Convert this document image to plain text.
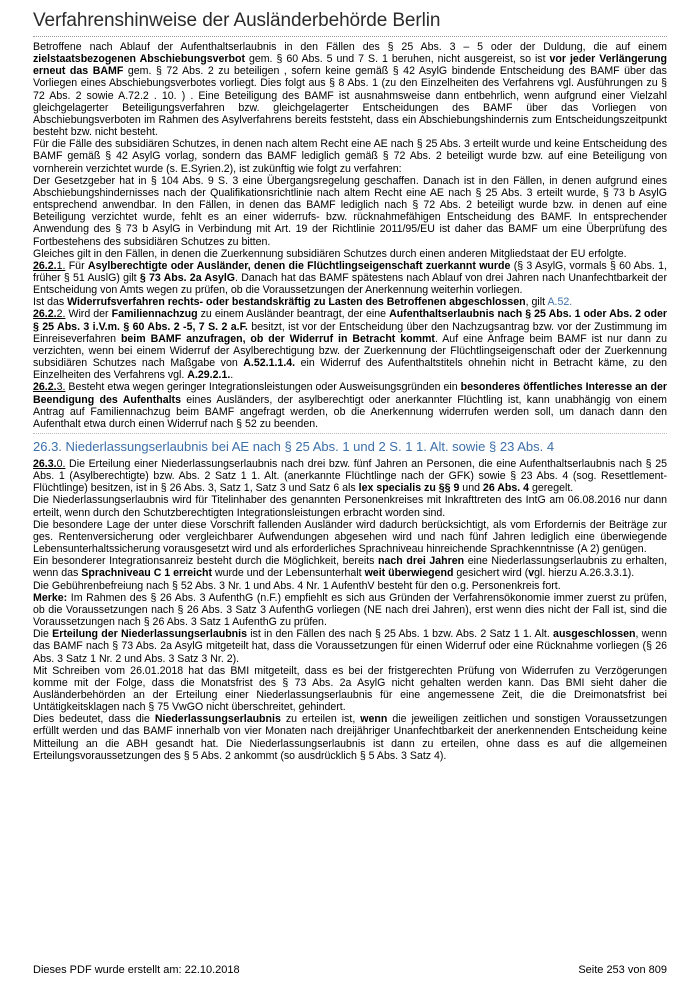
Verfahrenshinweise der Ausländerbehörde Berlin

Betroffene nach Ablauf der Aufenthaltserlaubnis in den Fällen des § 25 Abs. 3 – 5 oder der Duldung, die auf einem zielstaatsbezogenen Abschiebungsverbot gem. § 60 Abs. 5 und 7 S. 1 beruhen, nicht ausgereist, so ist vor jeder Verlängerung erneut das BAMF gem. § 72 Abs. 2 zu beteiligen , sofern keine gemäß § 42 AsylG bindende Entscheidung des BAMF über das Vorliegen eines Abschiebungsverbotes vorliegt. Dies folgt aus § 8 Abs. 1 (zu den Einzelheiten des Verfahrens vgl. Ausführungen zu § 72 Abs. 2 sowie A.72.2 . 10. ) . Eine Beteiligung des BAMF ist ausnahmsweise dann entbehrlich, wenn aufgrund einer Vielzahl gleichgelagerter Beteiligungsverfahren bzw. gleichgelagerter Entscheidungen des BAMF über das Vorliegen von Abschiebungsverboten im Rahmen des Asylverfahrens bereits feststeht, dass ein Abschiebungshindernis zum Entscheidungszeitpunkt besteht bzw. nicht besteht.

Für die Fälle des subsidiären Schutzes, in denen nach altem Recht eine AE nach § 25 Abs. 3 erteilt wurde und keine Entscheidung des BAMF gemäß § 42 AsylG vorlag, sondern das BAMF lediglich gemäß § 72 Abs. 2 beteiligt wurde bzw. auf eine Beteiligung von vornherein verzichtet wurde (s. E.Syrien.2), ist zukünftig wie folgt zu verfahren:

Der Gesetzgeber hat in § 104 Abs. 9 S. 3 eine Übergangsregelung geschaffen. Danach ist in den Fällen, in denen aufgrund eines Abschiebungshindernisses nach der Qualifikationsrichtlinie nach altem Recht eine AE nach § 25 Abs. 3 erteilt wurde, § 73 b AsylG entsprechend anwendbar. In den Fällen, in denen das BAMF lediglich nach § 72 Abs. 2 beteiligt wurde bzw. in denen auf eine Beteiligung verzichtet wurde, fehlt es an einer widerrufs- bzw. rücknahmefähigen Entscheidung des BAMF. In entsprechender Anwendung des § 73 b AsylG in Verbindung mit Art. 19 der Richtlinie 2011/95/EU ist daher das BAMF um eine Überprüfung des Fortbestehens des subsidiären Schutzes zu bitten.

Gleiches gilt in den Fällen, in denen die Zuerkennung subsidiären Schutzes durch einen anderen Mitgliedstaat der EU erfolgte.

26.2.1. Für Asylberechtigte oder Ausländer, denen die Flüchtlingseigenschaft zuerkannt wurde (§ 3 AsylG, vormals § 60 Abs. 1, früher § 51 AuslG) gilt § 73 Abs. 2a AsylG. Danach hat das BAMF spätestens nach Ablauf von drei Jahren nach Unanfechtbarkeit der Entscheidung von Amts wegen zu prüfen, ob die Voraussetzungen der Anerkennung weiterhin vorliegen.

Ist das Widerrufsverfahren rechts- oder bestandskräftig zu Lasten des Betroffenen abgeschlossen, gilt A.52.

26.2.2. Wird der Familiennachzug zu einem Ausländer beantragt, der eine Aufenthaltserlaubnis nach § 25 Abs. 1 oder Abs. 2 oder § 25 Abs. 3 i.V.m. § 60 Abs. 2 -5, 7 S. 2 a.F. besitzt, ist vor der Entscheidung über den Nachzugsantrag bzw. vor der Zustimmung im Einreiseverfahren beim BAMF anzufragen, ob der Widerruf in Betracht kommt. Auf eine Anfrage beim BAMF ist nur dann zu verzichten, wenn bei einem Widerruf der Asylberechtigung bzw. der Zuerkennung der Flüchtlingseigenschaft oder der Zuerkennung subsidiären Schutzes nach Maßgabe von A.52.1.1.4. ein Widerruf des Aufenthaltstitels ohnehin nicht in Betracht käme, zu den Einzelheiten des Verfahrens vgl. A.29.2.1..

26.2.3. Besteht etwa wegen geringer Integrationsleistungen oder Ausweisungsgründen ein besonderes öffentliches Interesse an der Beendigung des Aufenthalts eines Ausländers, der asylberechtigt oder anerkannter Flüchtling ist, kann unabhängig von einem Antrag auf Familiennachzug beim BAMF angefragt werden, ob die Anerkennung widerrufen werden soll, um danach dann den Aufenthalt etwa durch einen Widerruf nach § 52 zu beenden.

26.3. Niederlassungserlaubnis bei AE nach § 25 Abs. 1 und 2 S. 1 1. Alt. sowie § 23 Abs. 4

26.3.0. Die Erteilung einer Niederlassungserlaubnis nach drei bzw. fünf Jahren an Personen, die eine Aufenthaltserlaubnis nach § 25 Abs. 1 (Asylberechtigte) bzw. Abs. 2 Satz 1 1. Alt. (anerkannte Flüchtlinge nach der GFK) sowie § 23 Abs. 4 (sog. Resettlement-Flüchtlinge) besitzen, ist in § 26 Abs. 3, Satz 1, Satz 3 und Satz 6 als lex specialis zu §§ 9 und 26 Abs. 4 geregelt.

Die Niederlassungserlaubnis wird für Titelinhaber des genannten Personenkreises mit Inkrafttreten des IntG am 06.08.2016 nur dann erteilt, wenn durch den Schutzberechtigten Integrationsleistungen erbracht worden sind.

Die besondere Lage der unter diese Vorschrift fallenden Ausländer wird dadurch berücksichtigt, als vom Erfordernis der Beiträge zur ges. Rentenversicherung oder vergleichbarer Aufwendungen abgesehen wird und nach fünf Jahren lediglich eine überwiegende Lebensunterhaltssicherung vorausgesetzt wird und als erforderliches Sprachniveau hinreichende Sprachkenntnisse (A 2) genügen.

Ein besonderer Integrationsanreiz besteht durch die Möglichkeit, bereits nach drei Jahren eine Niederlassungserlaubnis zu erhalten, wenn das Sprachniveau C 1 erreicht wurde und der Lebensunterhalt weit überwiegend gesichert wird (vgl. hierzu A.26.3.3.1).

Die Gebührenbefreiung nach § 52 Abs. 3 Nr. 1 und Abs. 4 Nr. 1 AufenthV besteht für den o.g. Personenkreis fort.

Merke: Im Rahmen des § 26 Abs. 3 AufenthG (n.F.) empfiehlt es sich aus Gründen der Verfahrensökonomie immer zuerst zu prüfen, ob die Voraussetzungen nach § 26 Abs. 3 Satz 3 AufenthG vorliegen (NE nach drei Jahren), erst wenn dies nicht der Fall ist, sind die Voraussetzungen nach § 26 Abs. 3 Satz 1 AufenthG zu prüfen.

Die Erteilung der Niederlassungserlaubnis ist in den Fällen des nach § 25 Abs. 1 bzw. Abs. 2 Satz 1 1. Alt. ausgeschlossen, wenn das BAMF nach § 73 Abs. 2a AsylG mitgeteilt hat, dass die Voraussetzungen für einen Widerruf oder eine Rücknahme vorliegen (§ 26 Abs. 3 Satz 1 Nr. 2 und Abs. 3 Satz 3 Nr. 2).

Mit Schreiben vom 26.01.2018 hat das BMI mitgeteilt, dass es bei der fristgerechten Prüfung von Widerrufen zu Verzögerungen komme mit der Folge, dass die Monatsfrist des § 73 Abs. 2a AsylG nicht gehalten werden kann. Das BMI sieht daher die Ausländerbehörden an der Erteilung einer Niederlassungserlaubnis für eine angemessene Zeit, die die Dreimonatsfrist bei Untätigkeitsklagen nach § 75 VwGO nicht überschreitet, gehindert.

Dies bedeutet, dass die Niederlassungserlaubnis zu erteilen ist, wenn die jeweiligen zeitlichen und sonstigen Voraussetzungen erfüllt werden und das BAMF innerhalb von vier Monaten nach dreijähriger Unanfechtbarkeit der anerkennenden Entscheidung keine Mitteilung an die ABH gesandt hat. Die Niederlassungserlaubnis ist dann zu erteilen, ohne dass es auf die allgemeinen Erteilungsvoraussetzungen des § 5 Abs. 2 ankommt (so ausdrücklich § 5 Abs. 3 Satz 4).

Dieses PDF wurde erstellt am: 22.10.2018	Seite 253 von 809
